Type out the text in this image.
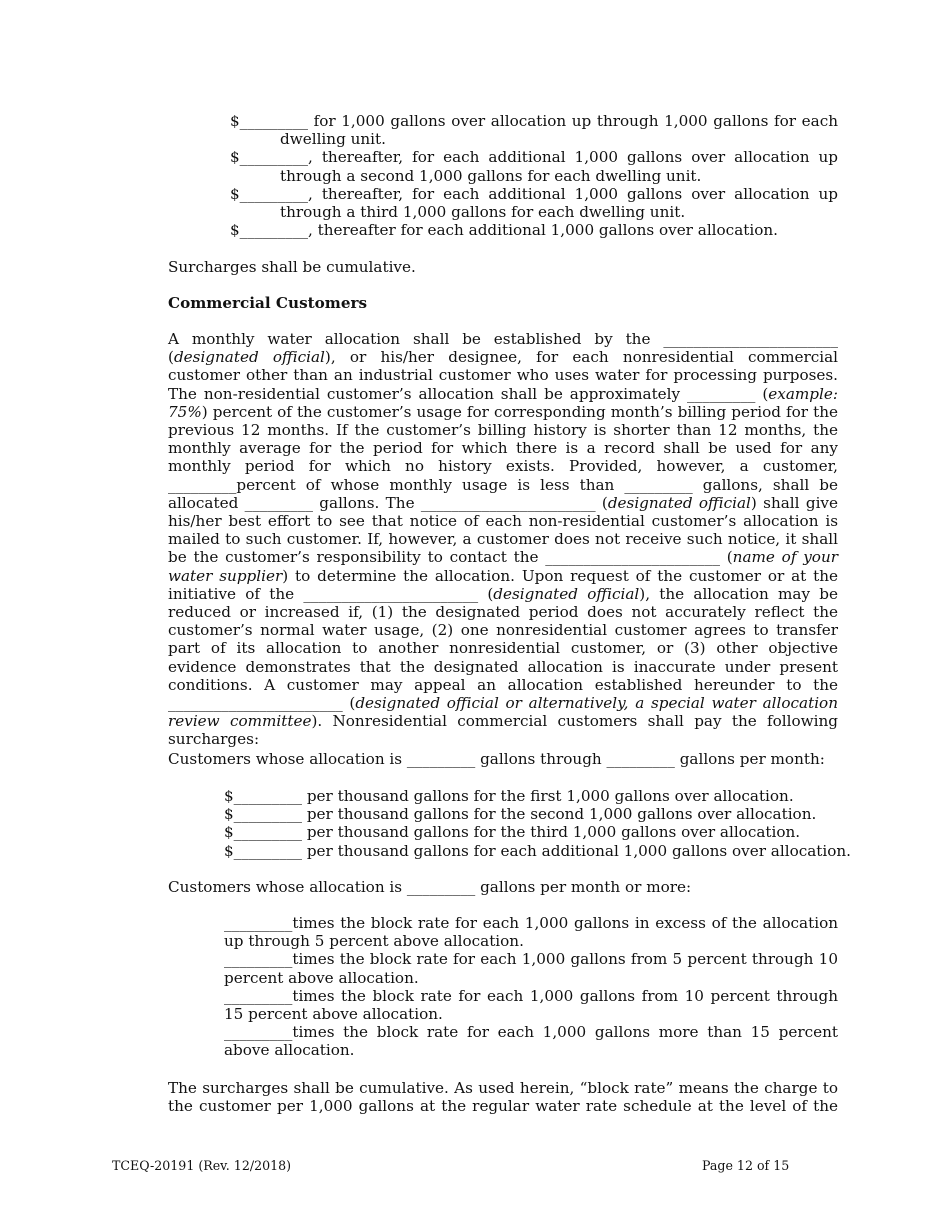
$_________ for 1,000 gallons over allocation up through 1,000 gallons for each dwelling unit.

$_________, thereafter, for each additional 1,000 gallons over allocation up through a second 1,000 gallons for each dwelling unit.

$_________, thereafter, for each additional 1,000 gallons over allocation up through a third 1,000 gallons for each dwelling unit.

$_________, thereafter for each additional 1,000 gallons over allocation.

Surcharges shall be cumulative.

Commercial Customers

A monthly water allocation shall be established by the _______________________ (designated official), or his/her designee, for each nonresidential commercial customer other than an industrial customer who uses water for processing purposes. The non-residential customer’s allocation shall be approximately _________ (example: 75%) percent of the customer’s usage for corresponding month’s billing period for the previous 12 months. If the customer’s billing history is shorter than 12 months, the monthly average for the period for which there is a record shall be used for any monthly period for which no history exists. Provided, however, a customer, _________percent of whose monthly usage is less than _________ gallons, shall be allocated _________ gallons. The _______________________ (designated official) shall give his/her best effort to see that notice of each non-residential customer’s allocation is mailed to such customer. If, however, a customer does not receive such notice, it shall be the customer’s responsibility to contact the _______________________ (name of your water supplier) to determine the allocation. Upon request of the customer or at the initiative of the _______________________ (designated official), the allocation may be reduced or increased if, (1) the designated period does not accurately reflect the customer’s normal water usage, (2) one nonresidential customer agrees to transfer part of its allocation to another nonresidential customer, or (3) other objective evidence demonstrates that the designated allocation is inaccurate under present conditions. A customer may appeal an allocation established hereunder to the _______________________ (designated official or alternatively, a special water allocation review committee). Nonresidential commercial customers shall pay the following surcharges:

Customers whose allocation is _________ gallons through _________ gallons per month:

$_________ per thousand gallons for the first 1,000 gallons over allocation.

$_________ per thousand gallons for the second 1,000 gallons over allocation.

$_________ per thousand gallons for the third 1,000 gallons over allocation.

$_________ per thousand gallons for each additional 1,000 gallons over allocation.

Customers whose allocation is _________ gallons per month or more:

_________times the block rate for each 1,000 gallons in excess of the allocation up through 5 percent above allocation.

_________times the block rate for each 1,000 gallons from 5 percent through 10 percent above allocation.

_________times the block rate for each 1,000 gallons from 10 percent through 15 percent above allocation.

_________times the block rate for each 1,000 gallons more than 15 percent above allocation.

The surcharges shall be cumulative. As used herein, “block rate” means the charge to the customer per 1,000 gallons at the regular water rate schedule at the level of the

TCEQ-20191 (Rev. 12/2018)	Page 12 of 15
